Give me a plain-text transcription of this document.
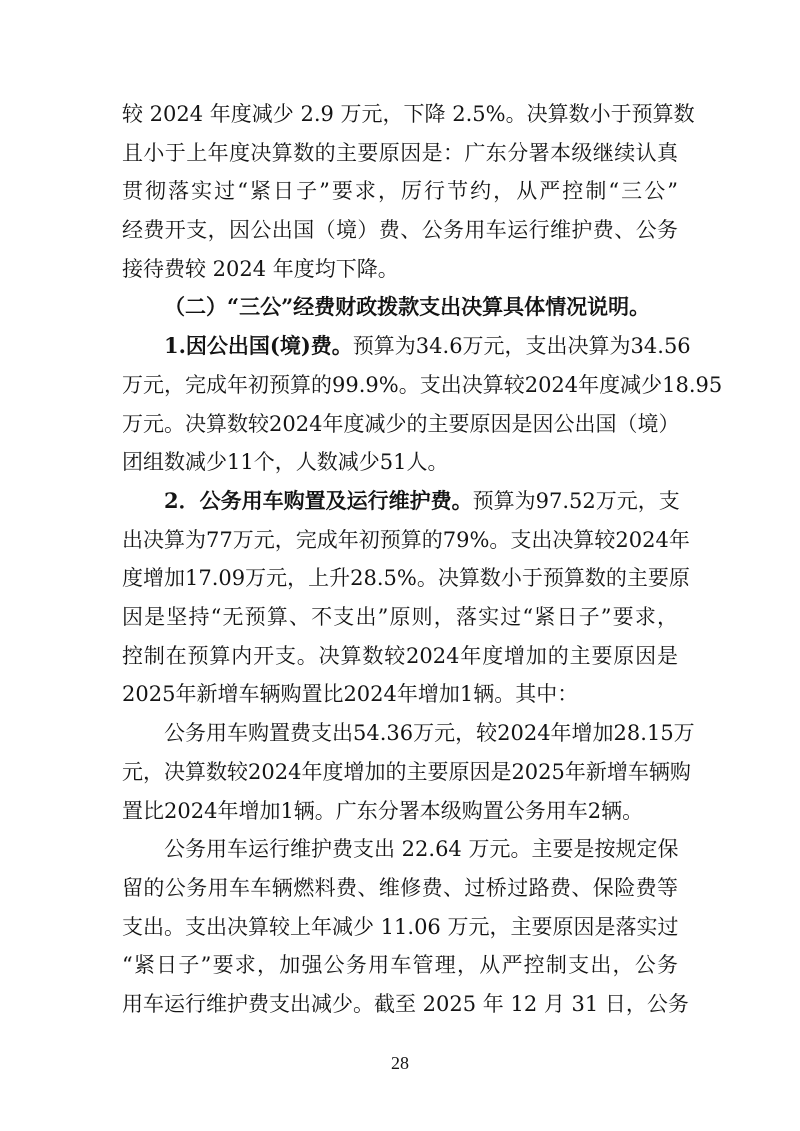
较 2024 年度减少 2.9 万元，下降 2.5%。决算数小于预算数
且小于上年度决算数的主要原因是：广东分署本级继续认真
贯彻落实过“紧日子”要求，厉行节约，从严控制“三公”
经费开支，因公出国（境）费、公务用车运行维护费、公务
接待费较 2024 年度均下降。
（二）“三公”经费财政拨款支出决算具体情况说明。
1.因公出国(境)费。预算为34.6万元，支出决算为34.56
万元，完成年初预算的99.9%。支出决算较2024年度减少18.95
万元。决算数较2024年度减少的主要原因是因公出国（境）
团组数减少11个，人数减少51人。
2．公务用车购置及运行维护费。预算为97.52万元，支
出决算为77万元，完成年初预算的79%。支出决算较2024年
度增加17.09万元，上升28.5%。决算数小于预算数的主要原
因是坚持“无预算、不支出”原则，落实过“紧日子”要求，
控制在预算内开支。决算数较2024年度增加的主要原因是
2025年新增车辆购置比2024年增加1辆。其中：
公务用车购置费支出54.36万元，较2024年增加28.15万
元，决算数较2024年度增加的主要原因是2025年新增车辆购
置比2024年增加1辆。广东分署本级购置公务用车2辆。
公务用车运行维护费支出 22.64 万元。主要是按规定保
留的公务用车车辆燃料费、维修费、过桥过路费、保险费等
支出。支出决算较上年减少 11.06 万元，主要原因是落实过
28
“紧日子”要求，加强公务用车管理，从严控制支出，公务
用车运行维护费支出减少。截至 2025 年 12 月 31 日，公务
